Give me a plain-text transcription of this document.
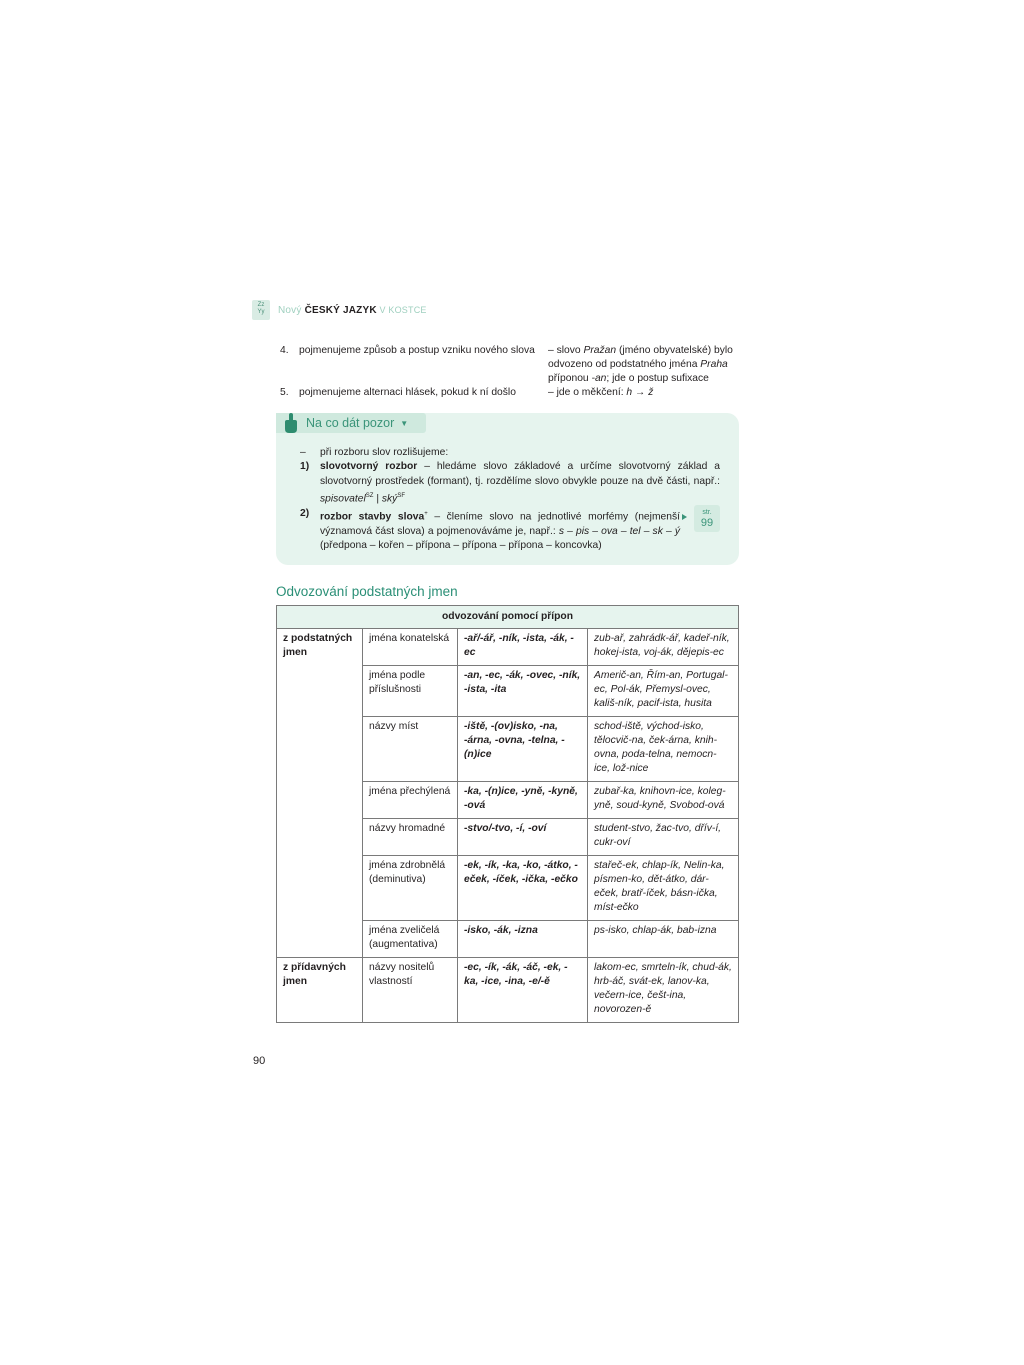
Zz
Yy	Nový ČESKÝ JAZYK V KOSTCE
4. pojmenujeme způsob a postup vzniku nového slova – slovo Pražan (jméno obyvatelské) bylo odvozeno od podstatného jména Praha příponou -an; jde o postup sufixace
5. pojmenujeme alternaci hlásek, pokud k ní došlo	– jde o měkčení: h → ž
Na co dát pozor ▼
– při rozboru slov rozlišujeme:

1) slovotvorný rozbor – hledáme slovo základové a určíme slovotvorný základ a slovotvorný prostředek (formant), tj. rozdělíme slovo obvykle pouze na dvě části, např.: spisovatel$^{SZ}$ | ský$^{SF}$

2) rozbor stavby slova+ – členíme slovo na jednotlivé morfémy (nejmenší významová část slova) a pojmenováváme je, např.: s – pis – ova – tel – sk – ý (předpona – kořen – přípona – přípona – přípona – koncovka)

str.
99
Odvozování podstatných jmen
odvozování pomocí přípon			
z podstatných jmen	jména konatelská	-ař/-ář, -ník, -ista, -ák, -ec	zub-ař, zahrádk-ář, kadeř-ník, hokej-ista, voj-ák, dějepis-ec
	jména podle příslušnosti	-an, -ec, -ák, -ovec, -ník, -ista, -ita	Američ-an, Řím-an, Portugal-ec, Pol-ák, Přemysl-ovec, kališ-ník, pacif-ista, husita
	názvy míst	-iště, -(ov)isko, -na, -árna, -ovna, -telna, -(n)ice	schod-iště, východ-isko, tělocvič-na, ček-árna, knih-ovna, poda-telna, nemocn-ice, lož-nice
	jména přechýlená	-ka, -(n)ice, -yně, -kyně, -ová	zubař-ka, knihovn-ice, koleg-yně, soud-kyně, Svobod-ová
	názvy hromadné	-stvo/-tvo, -í, -oví	student-stvo, žac-tvo, dřív-í, cukr-oví
	jména zdrobnělá (deminutiva)	-ek, -ík, -ka, -ko, -átko, -eček, -íček, -ička, -ečko	stařeč-ek, chlap-ík, Nelin-ka, písmen-ko, dět-átko, dár-eček, bratř-íček, básn-ička, míst-ečko
	jména zveličelá (augmentativa)	-isko, -ák, -izna	ps-isko, chlap-ák, bab-izna
z přídavných jmen	názvy nositelů vlastností	-ec, -ík, -ák, -áč, -ek, -ka, -ice, -ina, -e/-ě	lakom-ec, smrteln-ík, chud-ák, hrb-áč, svát-ek, lanov-ka, večern-ice, češt-ina, novorozen-ě
90
